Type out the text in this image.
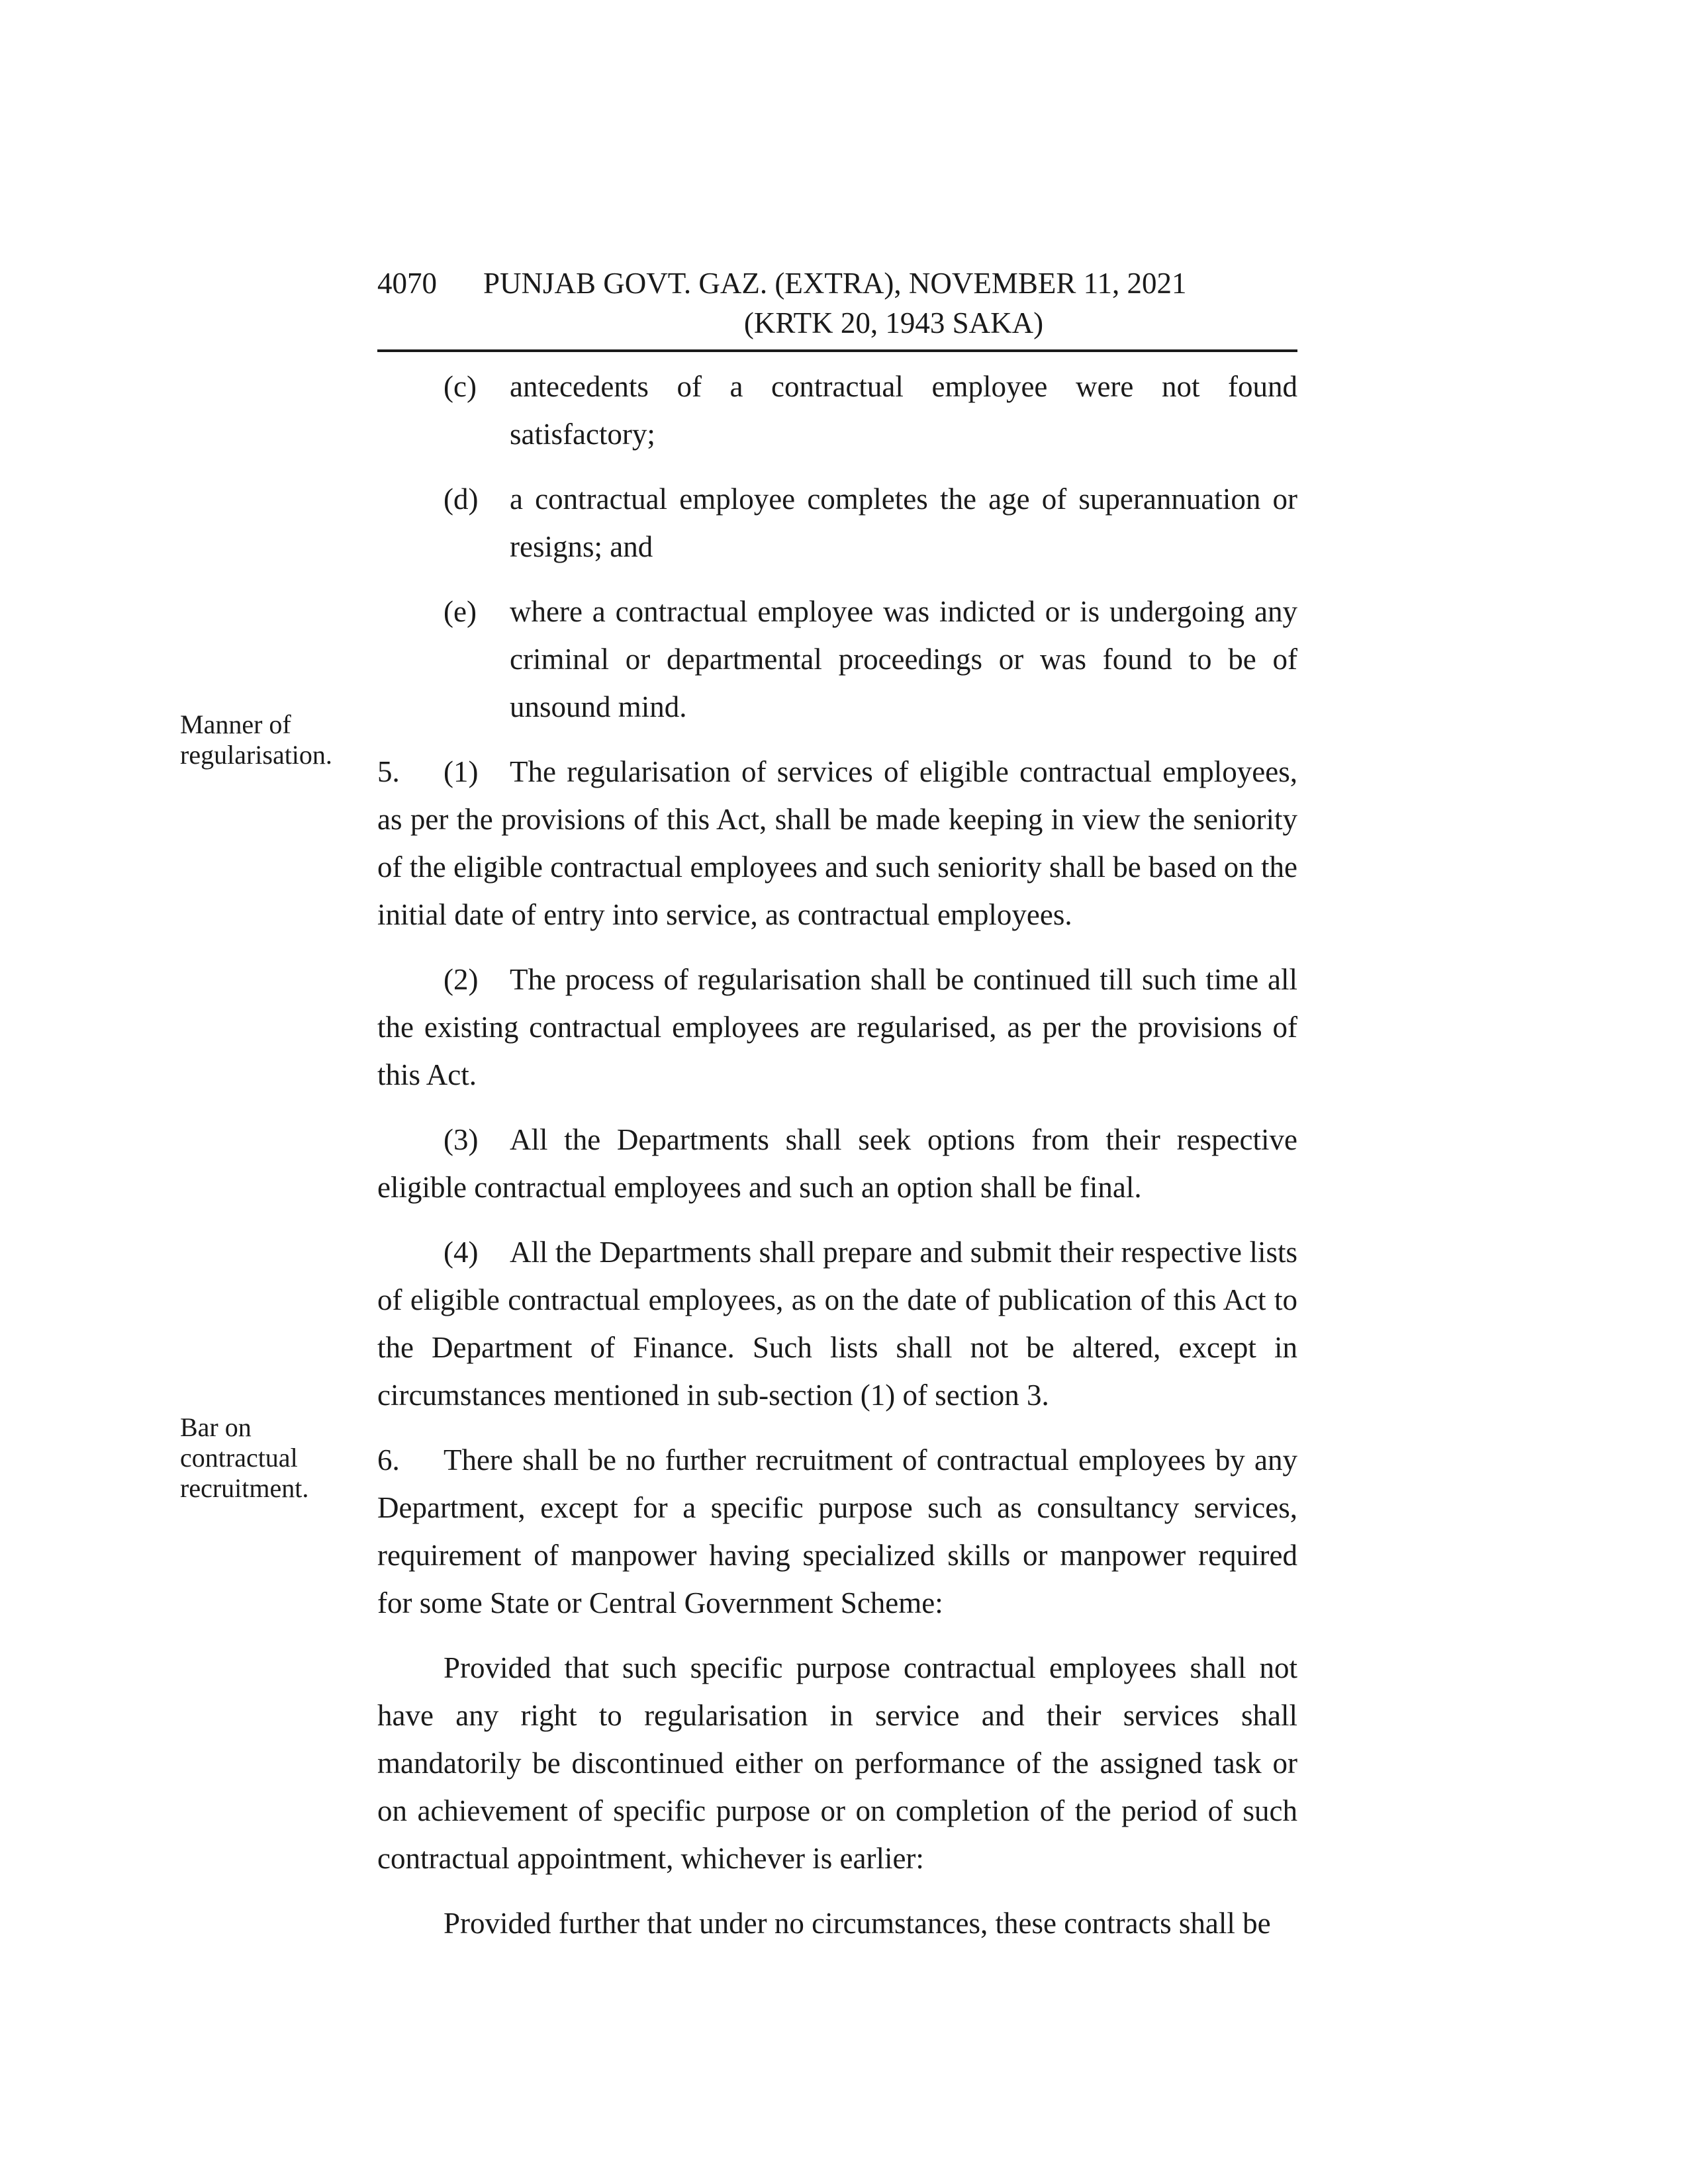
4070 PUNJAB GOVT. GAZ. (EXTRA), NOVEMBER 11, 2021
(KRTK 20, 1943 SAKA)
Manner of regularisation.
Bar on contractual recruitment.
(c) antecedents of a contractual employee were not found satisfactory;
(d) a contractual employee completes the age of superannuation or resigns; and
(e) where a contractual employee was indicted or is undergoing any criminal or departmental proceedings or was found to be of unsound mind.

5. (1) The regularisation of services of eligible contractual employees, as per the provisions of this Act, shall be made keeping in view the seniority of the eligible contractual employees and such seniority shall be based on the initial date of entry into service, as contractual employees.

(2) The process of regularisation shall be continued till such time all the existing contractual employees are regularised, as per the provisions of this Act.

(3) All the Departments shall seek options from their respective eligible contractual employees and such an option shall be final.

(4) All the Departments shall prepare and submit their respective lists of eligible contractual employees, as on the date of publication of this Act to the Department of Finance. Such lists shall not be altered, except in circumstances mentioned in sub-section (1) of section 3.

6. There shall be no further recruitment of contractual employees by any Department, except for a specific purpose such as consultancy services, requirement of manpower having specialized skills or manpower required for some State or Central Government Scheme:

Provided that such specific purpose contractual employees shall not have any right to regularisation in service and their services shall mandatorily be discontinued either on performance of the assigned task or on achievement of specific purpose or on completion of the period of such contractual appointment, whichever is earlier:

Provided further that under no circumstances, these contracts shall be
